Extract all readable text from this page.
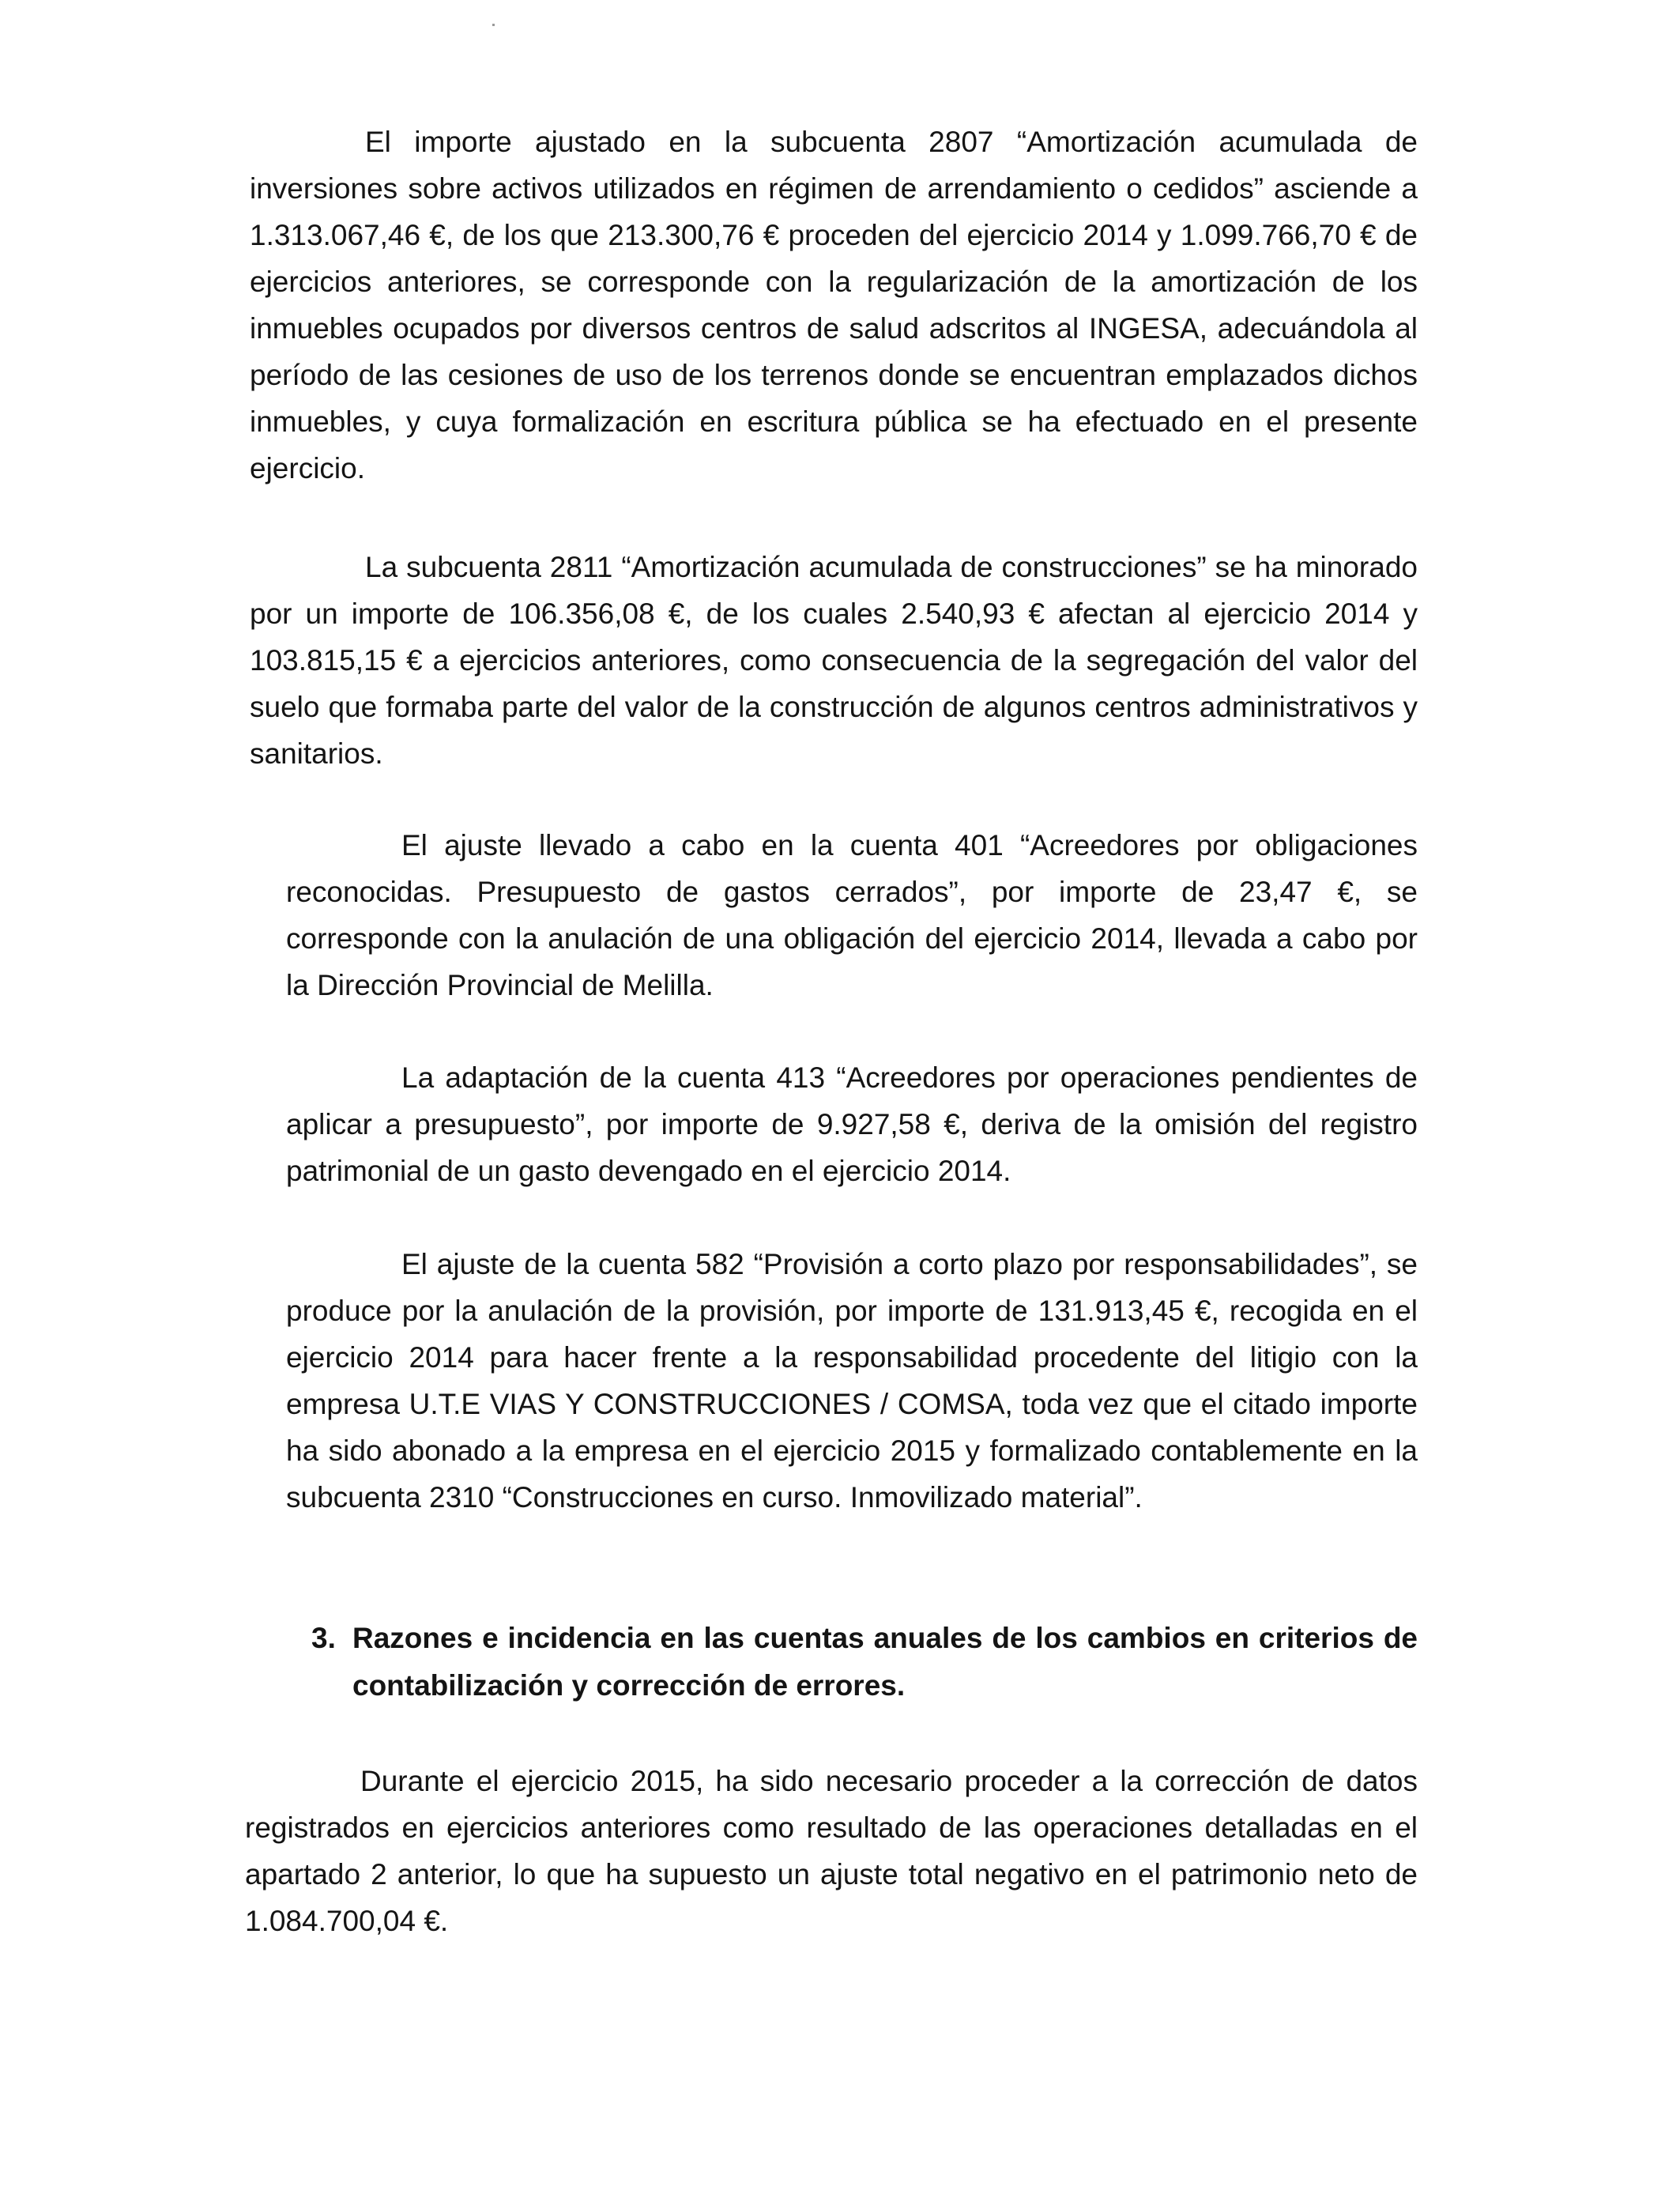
El importe ajustado en la subcuenta 2807 “Amortización acumulada de inversiones sobre activos utilizados en régimen de arrendamiento o cedidos” asciende a 1.313.067,46 €, de los que 213.300,76 € proceden del ejercicio 2014 y 1.099.766,70 € de ejercicios anteriores, se corresponde con la regularización de la amortización de los inmuebles ocupados por diversos centros de salud adscritos al INGESA, adecuándola al período de las cesiones de uso de los terrenos donde se encuentran emplazados dichos inmuebles, y cuya formalización en escritura pública se ha efectuado en el presente ejercicio.

La subcuenta 2811 “Amortización acumulada de construcciones” se ha minorado por un importe de 106.356,08 €, de los cuales 2.540,93 € afectan al ejercicio 2014 y 103.815,15 € a ejercicios anteriores, como consecuencia de la segregación del valor del suelo que formaba parte del valor de la construcción de algunos centros administrativos y sanitarios.

El ajuste llevado a cabo en la cuenta 401 “Acreedores por obligaciones reconocidas. Presupuesto de gastos cerrados”, por importe de 23,47 €, se corresponde con la anulación de una obligación del ejercicio 2014, llevada a cabo por la Dirección Provincial de Melilla.

La adaptación de la cuenta 413 “Acreedores por operaciones pendientes de aplicar a presupuesto”, por importe de 9.927,58 €, deriva de la omisión del registro patrimonial de un gasto devengado en el ejercicio 2014.

El ajuste de la cuenta 582 “Provisión a corto plazo por responsabilidades”, se produce por la anulación de la provisión, por importe de 131.913,45 €, recogida en el ejercicio 2014 para hacer frente a la responsabilidad procedente del litigio con la empresa U.T.E VIAS Y CONSTRUCCIONES / COMSA, toda vez que el citado importe ha sido abonado a la empresa en el ejercicio 2015 y formalizado contablemente en la subcuenta 2310 “Construcciones en curso. Inmovilizado material”.

3. Razones e incidencia en las cuentas anuales de los cambios en criterios de contabilización y corrección de errores.

Durante el ejercicio 2015, ha sido necesario proceder a la corrección de datos registrados en ejercicios anteriores como resultado de las operaciones detalladas en el apartado 2 anterior, lo que ha supuesto un ajuste total negativo en el patrimonio neto de 1.084.700,04 €.
